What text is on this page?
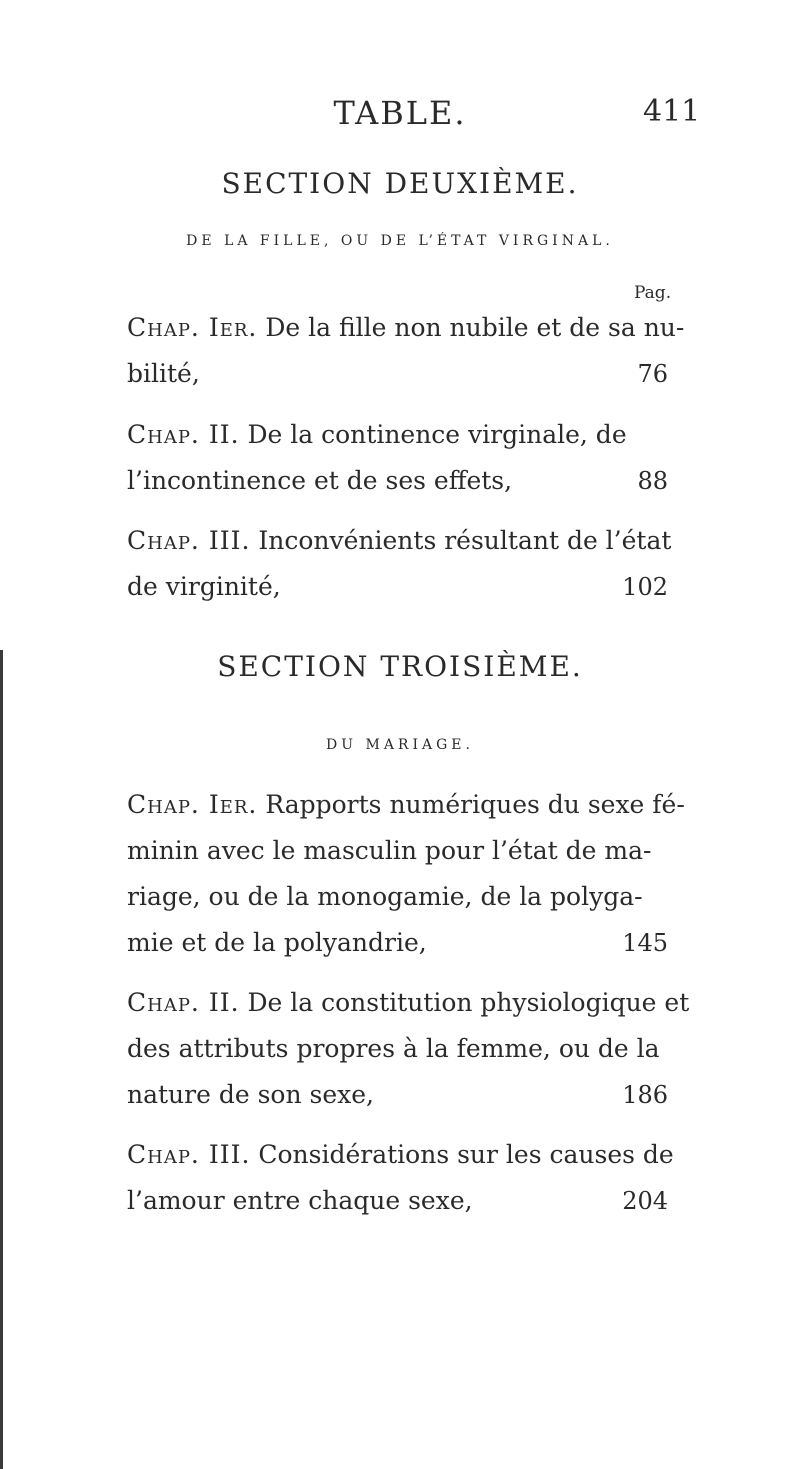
TABLE.	411
SECTION DEUXIÈME.
DE LA FILLE, OU DE L’ÉTAT VIRGINAL.
Pag.
Chap. Ier. De la fille non nubile et de sa nu-
bilité,	76
Chap. II. De la continence virginale, de
l’incontinence et de ses effets,	88
Chap. III. Inconvénients résultant de l’état
de virginité,	102
SECTION TROISIÈME.
DU MARIAGE.
Chap. Ier. Rapports numériques du sexe fé-
minin avec le masculin pour l’état de ma-
riage, ou de la monogamie, de la polyga-
mie et de la polyandrie,	145
Chap. II. De la constitution physiologique et
des attributs propres à la femme, ou de la
nature de son sexe,	186
Chap. III. Considérations sur les causes de
l’amour entre chaque sexe,	204
